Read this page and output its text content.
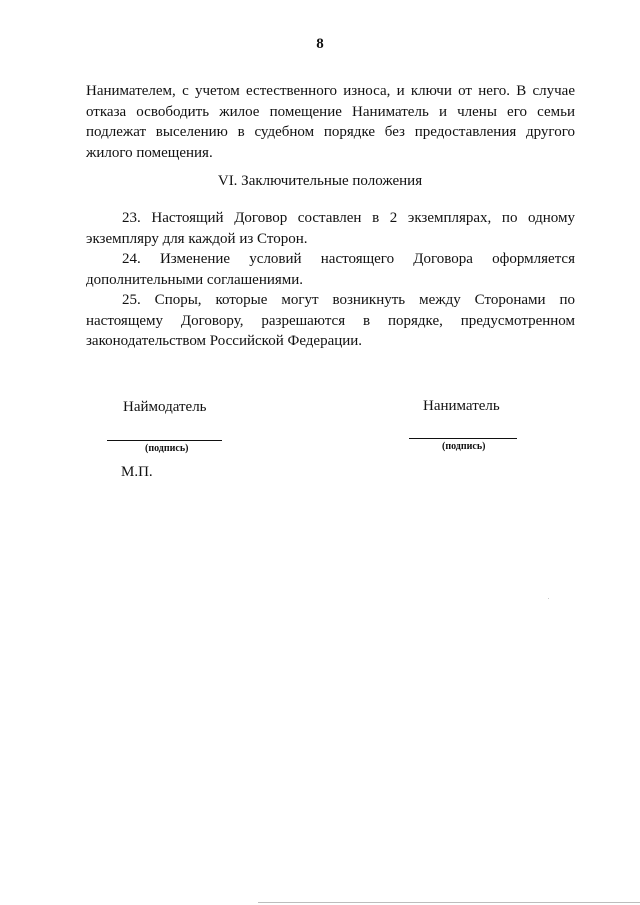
8

Нанимателем, с учетом естественного износа, и ключи от него. В случае отказа освободить жилое помещение Наниматель и члены его семьи подлежат выселению в судебном порядке без предоставления другого жилого помещения.

VI. Заключительные положения

23. Настоящий Договор составлен в 2 экземплярах, по одному экземпляру для каждой из Сторон.

24. Изменение условий настоящего Договора оформляется дополнительными соглашениями.

25. Споры, которые могут возникнуть между Сторонами по настоящему Договору, разрешаются в порядке, предусмотренном законодательством Российской Федерации.

Наймодатель
(подпись)
М.П.
Наниматель
(подпись)
